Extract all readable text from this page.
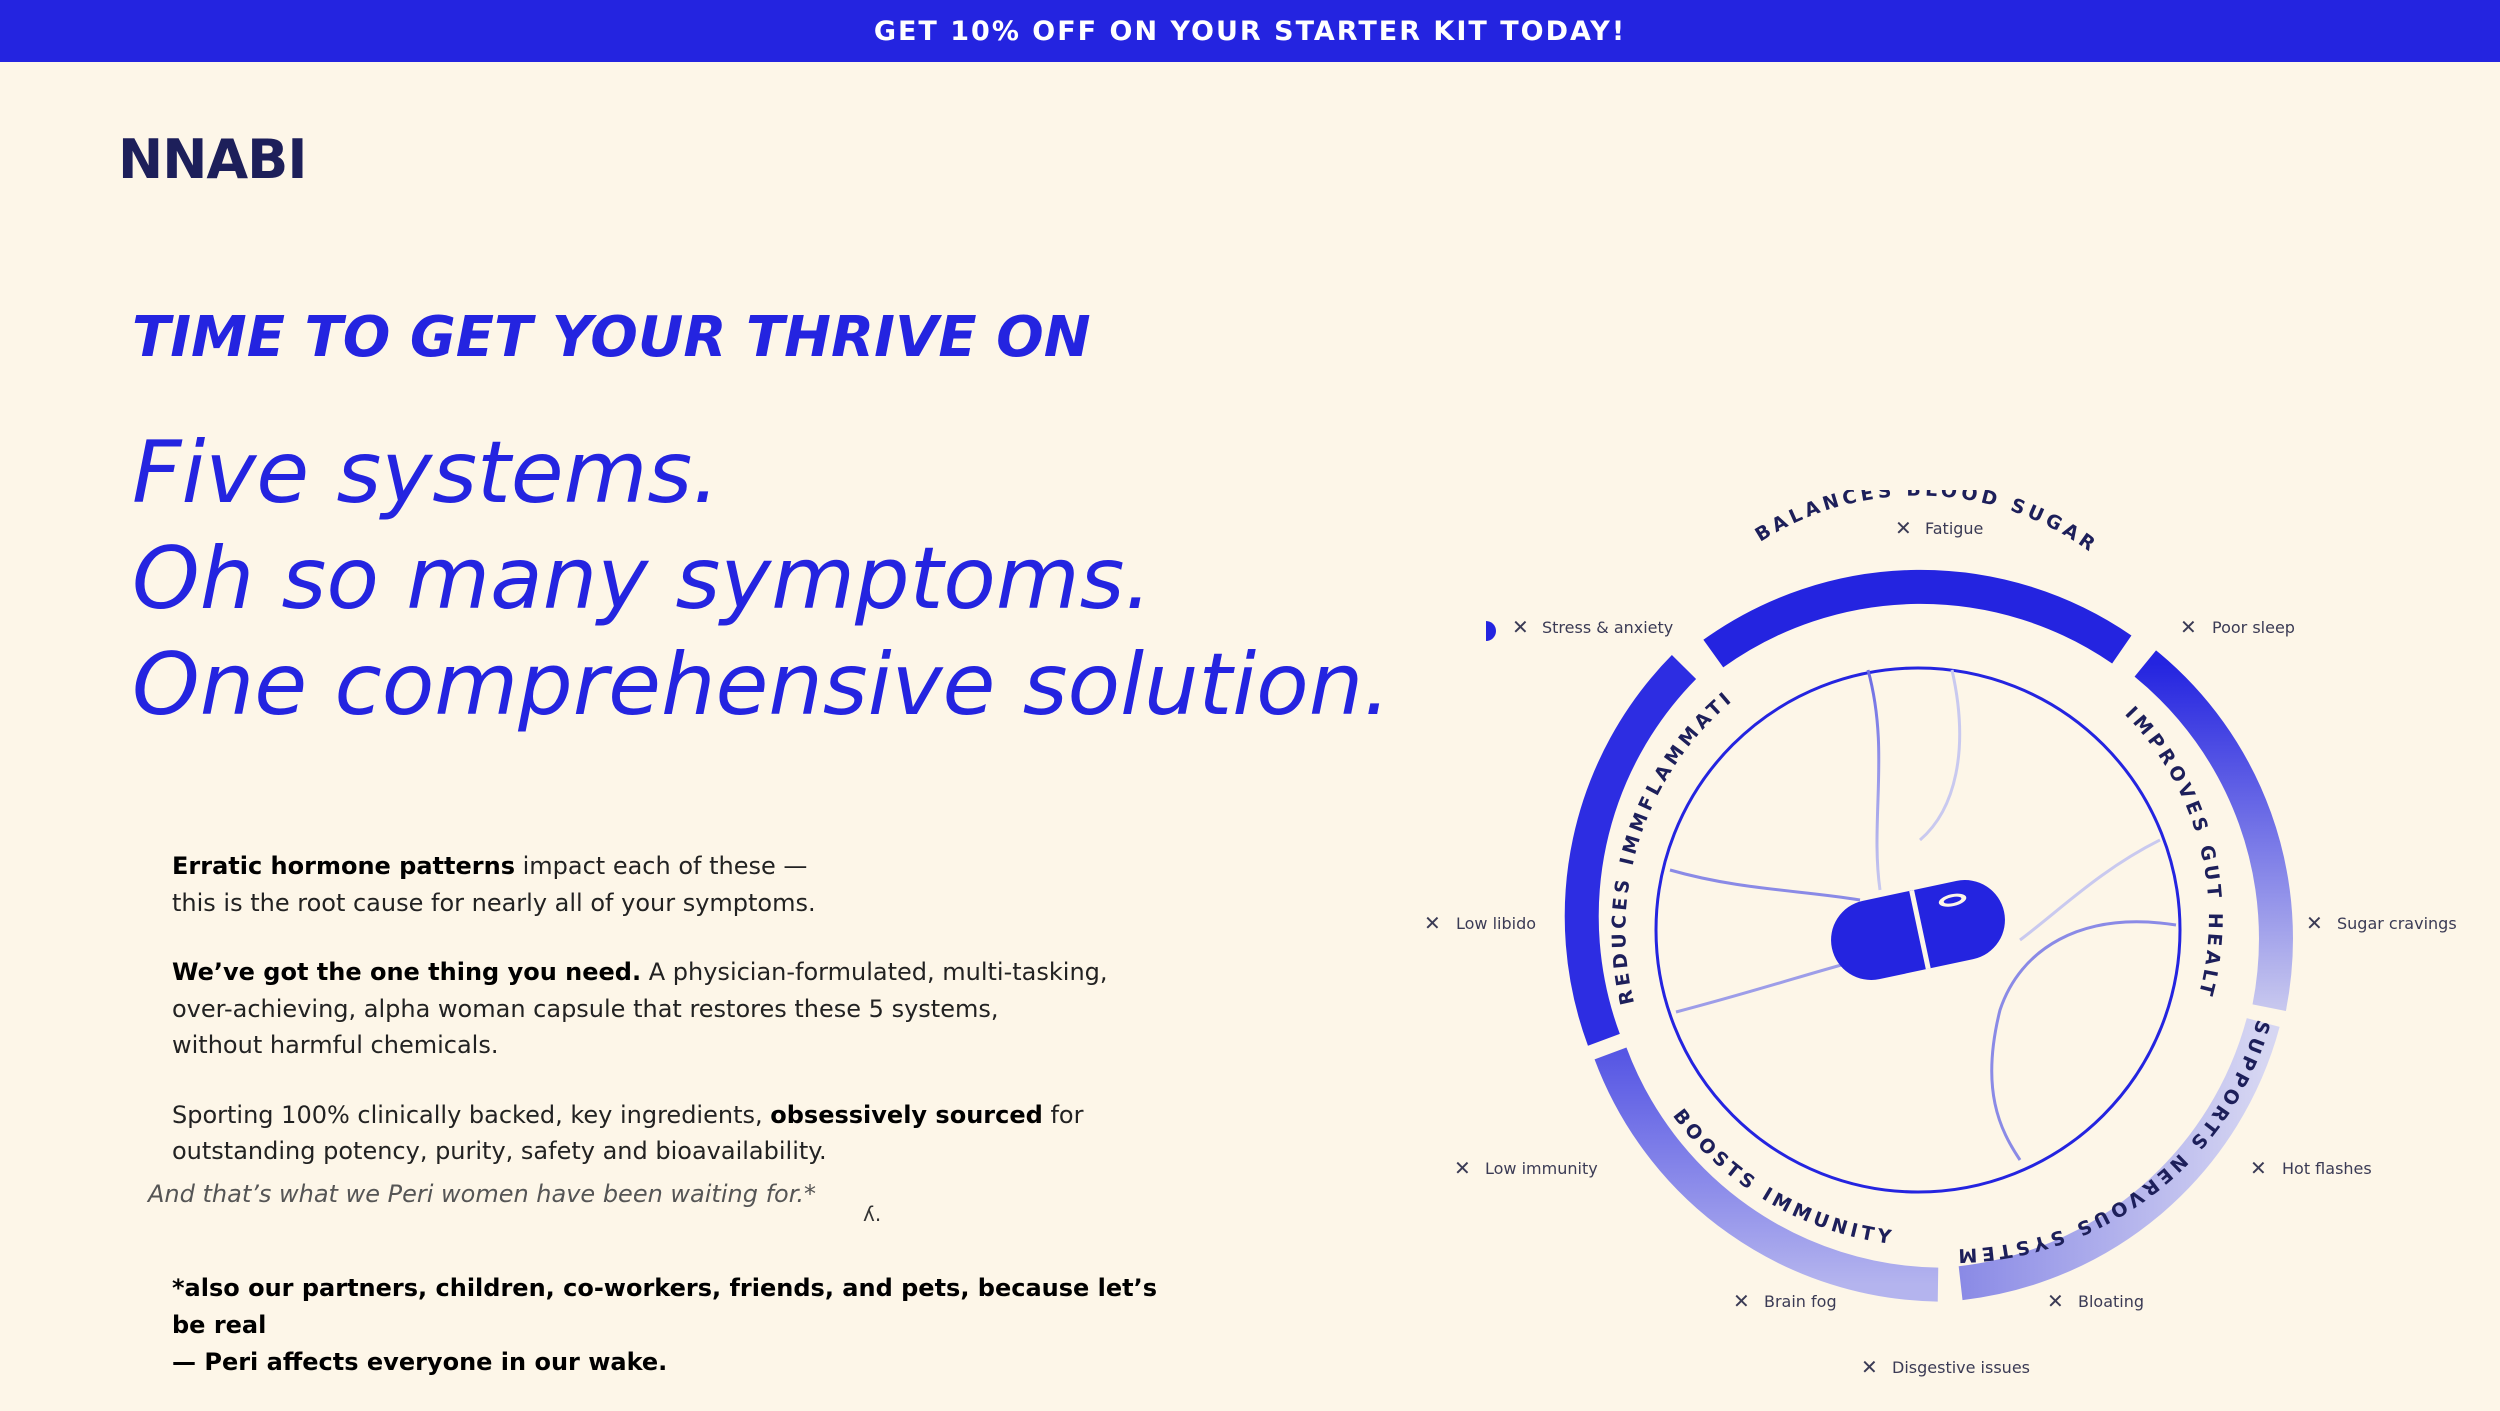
GET 10% OFF ON YOUR STARTER KIT TODAY!
NNABI
TIME TO GET YOUR THRIVE ON
Five systems.
Oh so many symptoms.
One comprehensive solution.

Erratic hormone patterns impact each of these —
this is the root cause for nearly all of your symptoms.

We’ve got the one thing you need. A physician-formulated, multi-tasking,
over-achieving, alpha woman capsule that restores these 5 systems,
without harmful chemicals.

Sporting 100% clinically backed, key ingredients, obsessively sourced for
outstanding potency, purity, safety and bioavailability.

And that’s what we Peri women have been waiting for.*
ʎ.
*also our partners, children, co-workers, friends, and pets, because let’s be real
— Peri affects everyone in our wake.
BALANCES OOD SUGAR
IMPROVES GUT HEALT
SUPPORTS NERVOUS SYSTEM
BOOSTS IMMUNITY
REDUCES IMMFLAMMATI
✕ Fatigue
✕ Poor sleep
✕ Stress & anxiety
✕ Sugar cravings
✕ Low libido
✕ Hot flashes
✕ Low immunity
✕ Bloating
✕ Brain fog
✕ Disgestive issues
